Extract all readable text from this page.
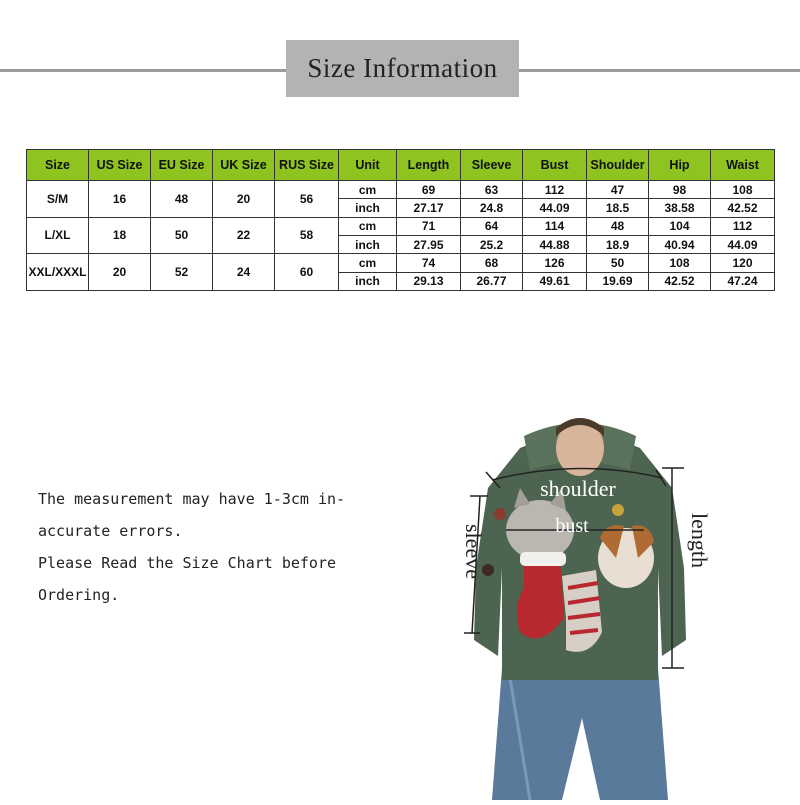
Size Information
Size	US Size	EU Size	UK Size	RUS Size	Unit	Length	Sleeve	Bust	Shoulder	Hip	Waist
S/M	16	48	20	56	cm	69	63	112	47	98	108
					inch	27.17	24.8	44.09	18.5	38.58	42.52
L/XL	18	50	22	58	cm	71	64	114	48	104	112
					inch	27.95	25.2	44.88	18.9	40.94	44.09
XXL/XXXL	20	52	24	60	cm	74	68	126	50	108	120
					inch	29.13	26.77	49.61	19.69	42.52	47.24
The measurement may have 1-3cm in-
accurate errors.
Please Read the Size Chart before
Ordering.
shoulder
bust
sleeve	length
